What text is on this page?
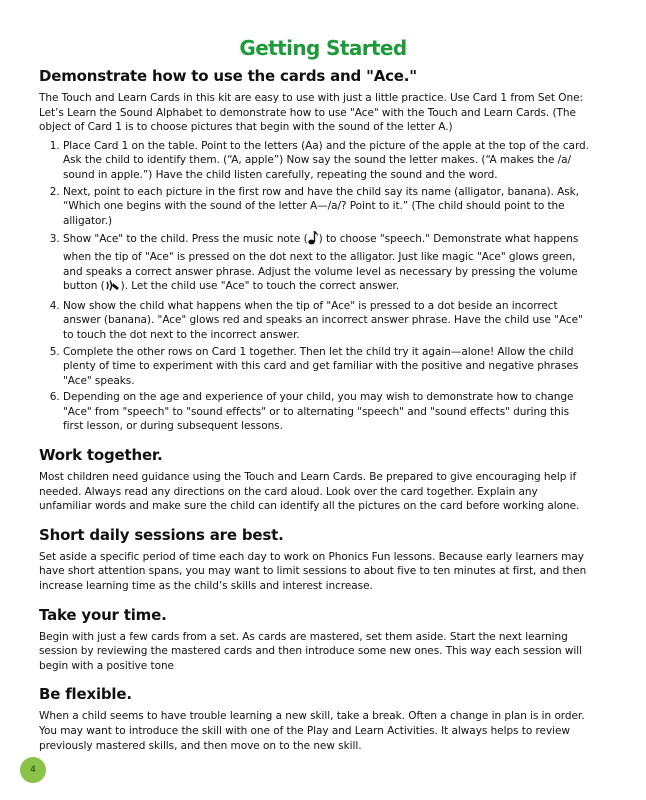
Getting Started
Demonstrate how to use the cards and "Ace."

The Touch and Learn Cards in this kit are easy to use with just a little practice. Use Card 1 from Set One: Let’s Learn the Sound Alphabet to demonstrate how to use "Ace" with the Touch and Learn Cards. (The object of Card 1 is to choose pictures that begin with the sound of the letter A.)

1. Place Card 1 on the table. Point to the letters (Aa) and the picture of the apple at the top of the card. Ask the child to identify them. (“A, apple”) Now say the sound the letter makes. (“A makes the /a/ sound in apple.”) Have the child listen carefully, repeating the sound and the word.
2. Next, point to each picture in the first row and have the child say its name (alligator, banana). Ask, “Which one begins with the sound of the letter A—/a/? Point to it.” (The child should point to the alligator.)
3. Show "Ace" to the child. Press the music note ( ) to choose "speech." Demonstrate what happens when the tip of "Ace" is pressed on the dot next to the alligator. Just like magic "Ace" glows green, and speaks a correct answer phrase. Adjust the volume level as necessary by pressing the volume button ( ). Let the child use "Ace" to touch the correct answer.
4. Now show the child what happens when the tip of "Ace" is pressed to a dot beside an incorrect answer (banana). "Ace" glows red and speaks an incorrect answer phrase. Have the child use "Ace" to touch the dot next to the incorrect answer.
5. Complete the other rows on Card 1 together. Then let the child try it again—alone! Allow the child plenty of time to experiment with this card and get familiar with the positive and negative phrases "Ace" speaks.
6. Depending on the age and experience of your child, you may wish to demonstrate how to change "Ace" from "speech" to "sound effects" or to alternating "speech" and "sound effects" during this first lesson, or during subsequent lessons.
Work together.

Most children need guidance using the Touch and Learn Cards. Be prepared to give encouraging help if needed. Always read any directions on the card aloud. Look over the card together. Explain any unfamiliar words and make sure the child can identify all the pictures on the card before working alone.

Short daily sessions are best.

Set aside a specific period of time each day to work on Phonics Fun lessons. Because early learners may have short attention spans, you may want to limit sessions to about five to ten minutes at first, and then increase learning time as the child’s skills and interest increase.

Take your time.

Begin with just a few cards from a set. As cards are mastered, set them aside. Start the next learning session by reviewing the mastered cards and then introduce some new ones. This way each session will begin with a positive tone

Be flexible.

When a child seems to have trouble learning a new skill, take a break. Often a change in plan is in order. You may want to introduce the skill with one of the Play and Learn Activities. It always helps to review previously mastered skills, and then move on to the new skill.

4
